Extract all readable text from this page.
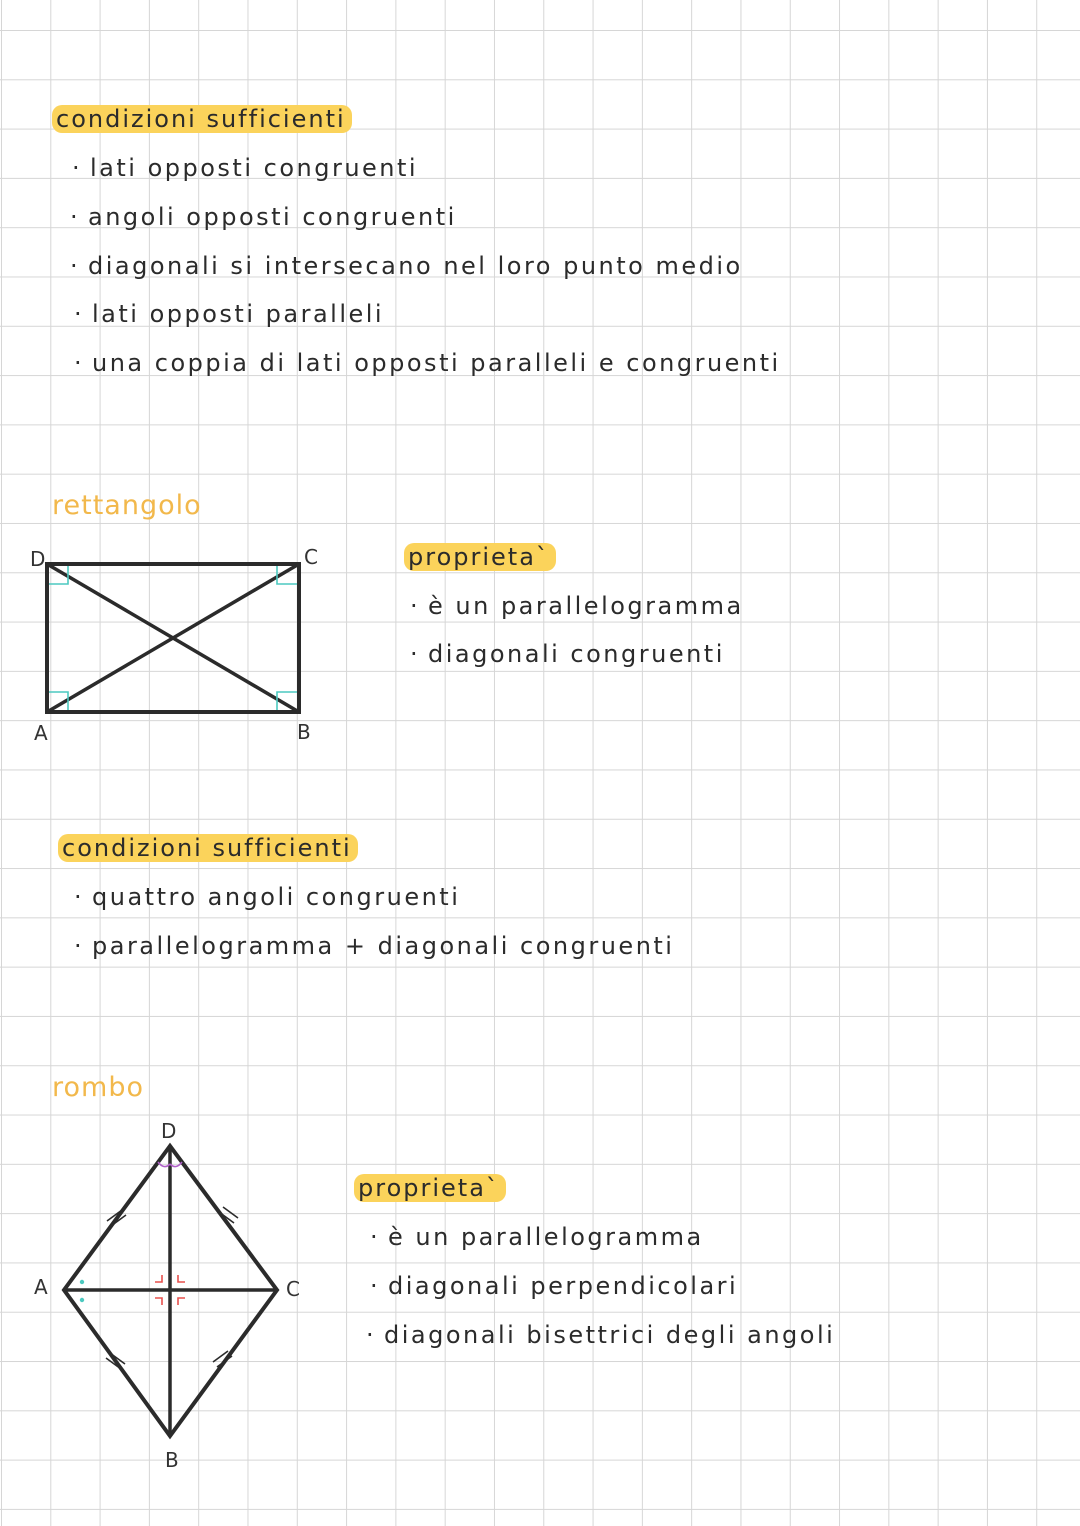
condizioni sufficienti
· lati opposti congruenti
· angoli opposti congruenti
· diagonali si intersecano nel loro punto medio
· lati opposti paralleli
· una coppia di lati opposti paralleli e congruenti
rettangolo
D	C
A	B
proprieta`
· è un parallelogramma
· diagonali congruenti
condizioni sufficienti
· quattro angoli congruenti
· parallelogramma + diagonali congruenti
rombo
D
A	C
B
proprieta`
· è un parallelogramma
· diagonali perpendicolari
· diagonali bisettrici degli angoli
